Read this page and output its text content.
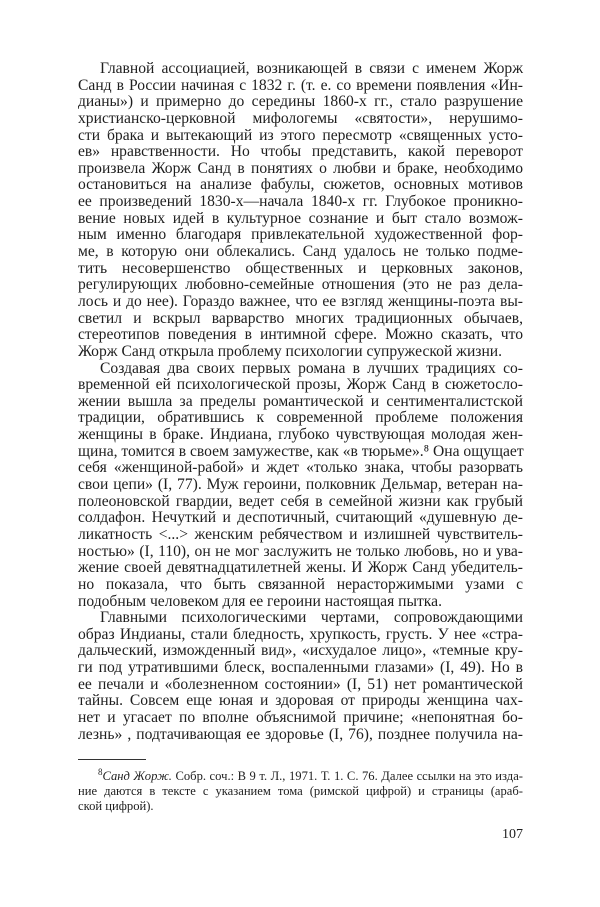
Главной ассоциацией, возникающей в связи с именем Жорж
Санд в России начиная с 1832 г. (т. е. со времени появления «Ин-
дианы») и примерно до середины 1860-х гг., стало разрушение
христианско-церковной мифологемы «святости», нерушимо-
сти брака и вытекающий из этого пересмотр «священных усто-
ев» нравственности. Но чтобы представить, какой переворот
произвела Жорж Санд в понятиях о любви и браке, необходимо
остановиться на анализе фабулы, сюжетов, основных мотивов
ее произведений 1830-х—начала 1840-х гг. Глубокое проникно-
вение новых идей в культурное сознание и быт стало возмож-
ным именно благодаря привлекательной художественной фор-
ме, в которую они облекались. Санд удалось не только подме-
тить несовершенство общественных и церковных законов,
регулирующих любовно-семейные отношения (это не раз дела-
лось и до нее). Гораздо важнее, что ее взгляд женщины-поэта вы-
светил и вскрыл варварство многих традиционных обычаев,
стереотипов поведения в интимной сфере. Можно сказать, что
Жорж Санд открыла проблему психологии супружеской жизни.
Создавая два своих первых романа в лучших традициях со-
временной ей психологической прозы, Жорж Санд в сюжетосло-
жении вышла за пределы романтической и сентименталистской
традиции, обратившись к современной проблеме положения
женщины в браке. Индиана, глубоко чувствующая молодая жен-
щина, томится в своем замужестве, как «в тюрьме».⁸ Она ощущает
себя «женщиной-рабой» и ждет «только знака, чтобы разорвать
свои цепи» (I, 77). Муж героини, полковник Дельмар, ветеран на-
полеоновской гвардии, ведет себя в семейной жизни как грубый
солдафон. Нечуткий и деспотичный, считающий «душевную де-
ликатность <...> женским ребячеством и излишней чувствитель-
ностью» (I, 110), он не мог заслужить не только любовь, но и ува-
жение своей девятнадцатилетней жены. И Жорж Санд убедитель-
но показала, что быть связанной нерасторжимыми узами с
подобным человеком для ее героини настоящая пытка.
Главными психологическими чертами, сопровождающими
образ Индианы, стали бледность, хрупкость, грусть. У нее «стра-
дальческий, изможденный вид», «исхудалое лицо», «темные кру-
ги под утратившими блеск, воспаленными глазами» (I, 49). Но в
ее печали и «болезненном состоянии» (I, 51) нет романтической
тайны. Совсем еще юная и здоровая от природы женщина чах-
нет и угасает по вполне объяснимой причине; «непонятная бо-
лезнь» , подтачивающая ее здоровье (I, 76), позднее получила на-
$^8$Санд Жорж. Собр. соч.: В 9 т. Л., 1971. Т. 1. С. 76. Далее ссылки на это изда-
ние даются в тексте с указанием тома (римской цифрой) и страницы (араб-
ской цифрой).
107
